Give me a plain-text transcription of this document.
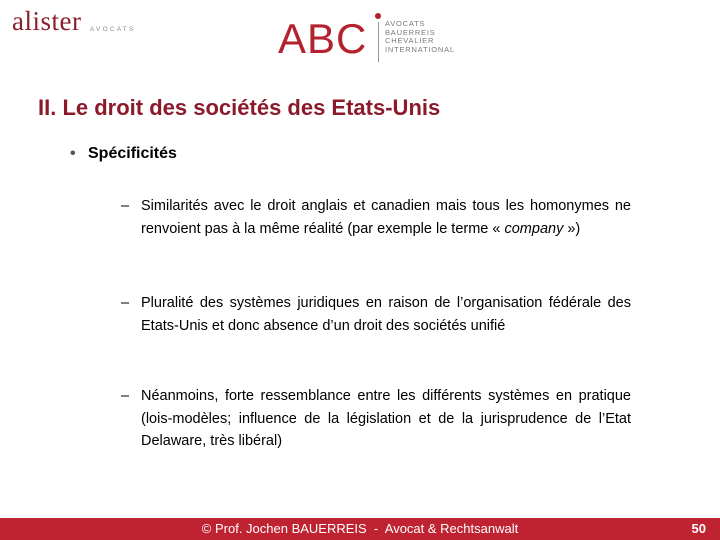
alister AVOCATS	ABC AVOCATS
BAUERREIS
CHEVALIER
INTERNATIONAL
II. Le droit des sociétés des Etats-Unis
• Spécificités
– Similarités avec le droit anglais et canadien mais tous les homonymes ne renvoient pas à la même réalité (par exemple le terme « company »)
– Pluralité des systèmes juridiques en raison de l’organisation fédérale des Etats-Unis et donc absence d’un droit des sociétés unifié
– Néanmoins, forte ressemblance entre les différents systèmes en pratique (lois-modèles; influence de la législation et de la jurisprudence de l’Etat Delaware, très libéral)
© Prof. Jochen BAUERREIS  -  Avocat & Rechtsanwalt	50
